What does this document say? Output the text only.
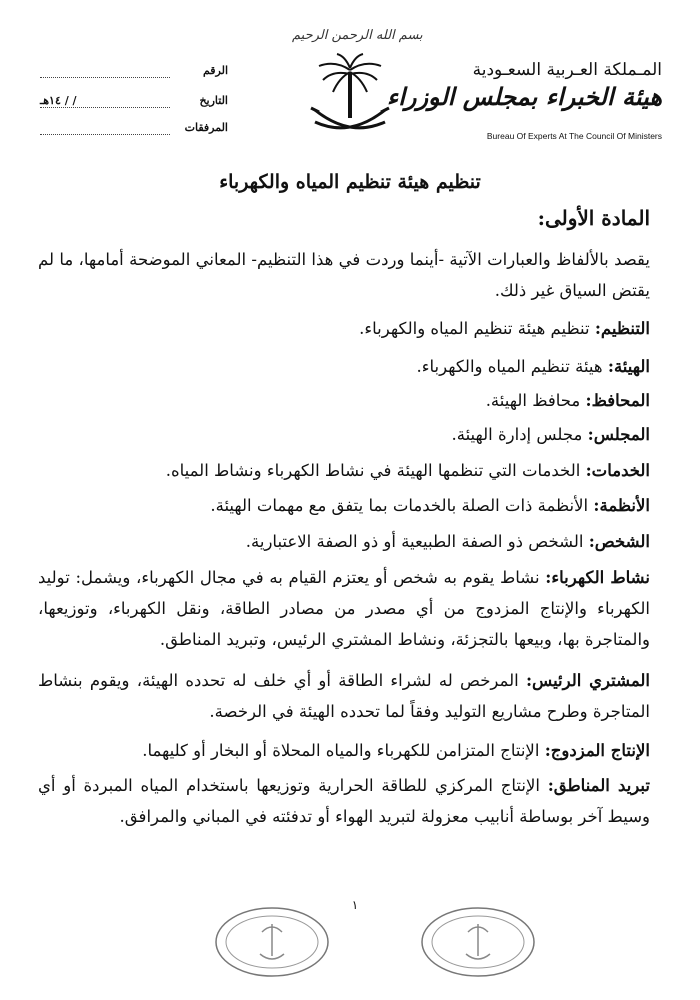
بسم الله الرحمن الرحيم
المـملكة العـربية السعـودية
هيئة الخبراء بمجلس الوزراء
Bureau Of Experts At The Council Of Ministers
الرقم
التاريخ
/ / ١٤هـ
المرفقات
تنظيم هيئة تنظيم المياه والكهرباء
المادة الأولى:
يقصد بالألفاظ والعبارات الآتية -أينما وردت في هذا التنظيم- المعاني الموضحة أمامها، ما لم يقتض السياق غير ذلك.
التنظيم: تنظيم هيئة تنظيم المياه والكهرباء.
الهيئة: هيئة تنظيم المياه والكهرباء.
المحافظ: محافظ الهيئة.
المجلس: مجلس إدارة الهيئة.
الخدمات: الخدمات التي تنظمها الهيئة في نشاط الكهرباء ونشاط المياه.
الأنظمة: الأنظمة ذات الصلة بالخدمات بما يتفق مع مهمات الهيئة.
الشخص: الشخص ذو الصفة الطبيعية أو ذو الصفة الاعتبارية.
نشاط الكهرباء: نشاط يقوم به شخص أو يعتزم القيام به في مجال الكهرباء، ويشمل: توليد الكهرباء والإنتاج المزدوج من أي مصدر من مصادر الطاقة، ونقل الكهرباء، وتوزيعها، والمتاجرة بها، وبيعها بالتجزئة، ونشاط المشتري الرئيس، وتبريد المناطق.
المشتري الرئيس: المرخص له لشراء الطاقة أو أي خلف له تحدده الهيئة، ويقوم بنشاط المتاجرة وطرح مشاريع التوليد وفقاً لما تحدده الهيئة في الرخصة.
الإنتاج المزدوج: الإنتاج المتزامن للكهرباء والمياه المحلاة أو البخار أو كليهما.
تبريد المناطق: الإنتاج المركزي للطاقة الحرارية وتوزيعها باستخدام المياه المبردة أو أي وسيط آخر بوساطة أنابيب معزولة لتبريد الهواء أو تدفئته في المباني والمرافق.
١
